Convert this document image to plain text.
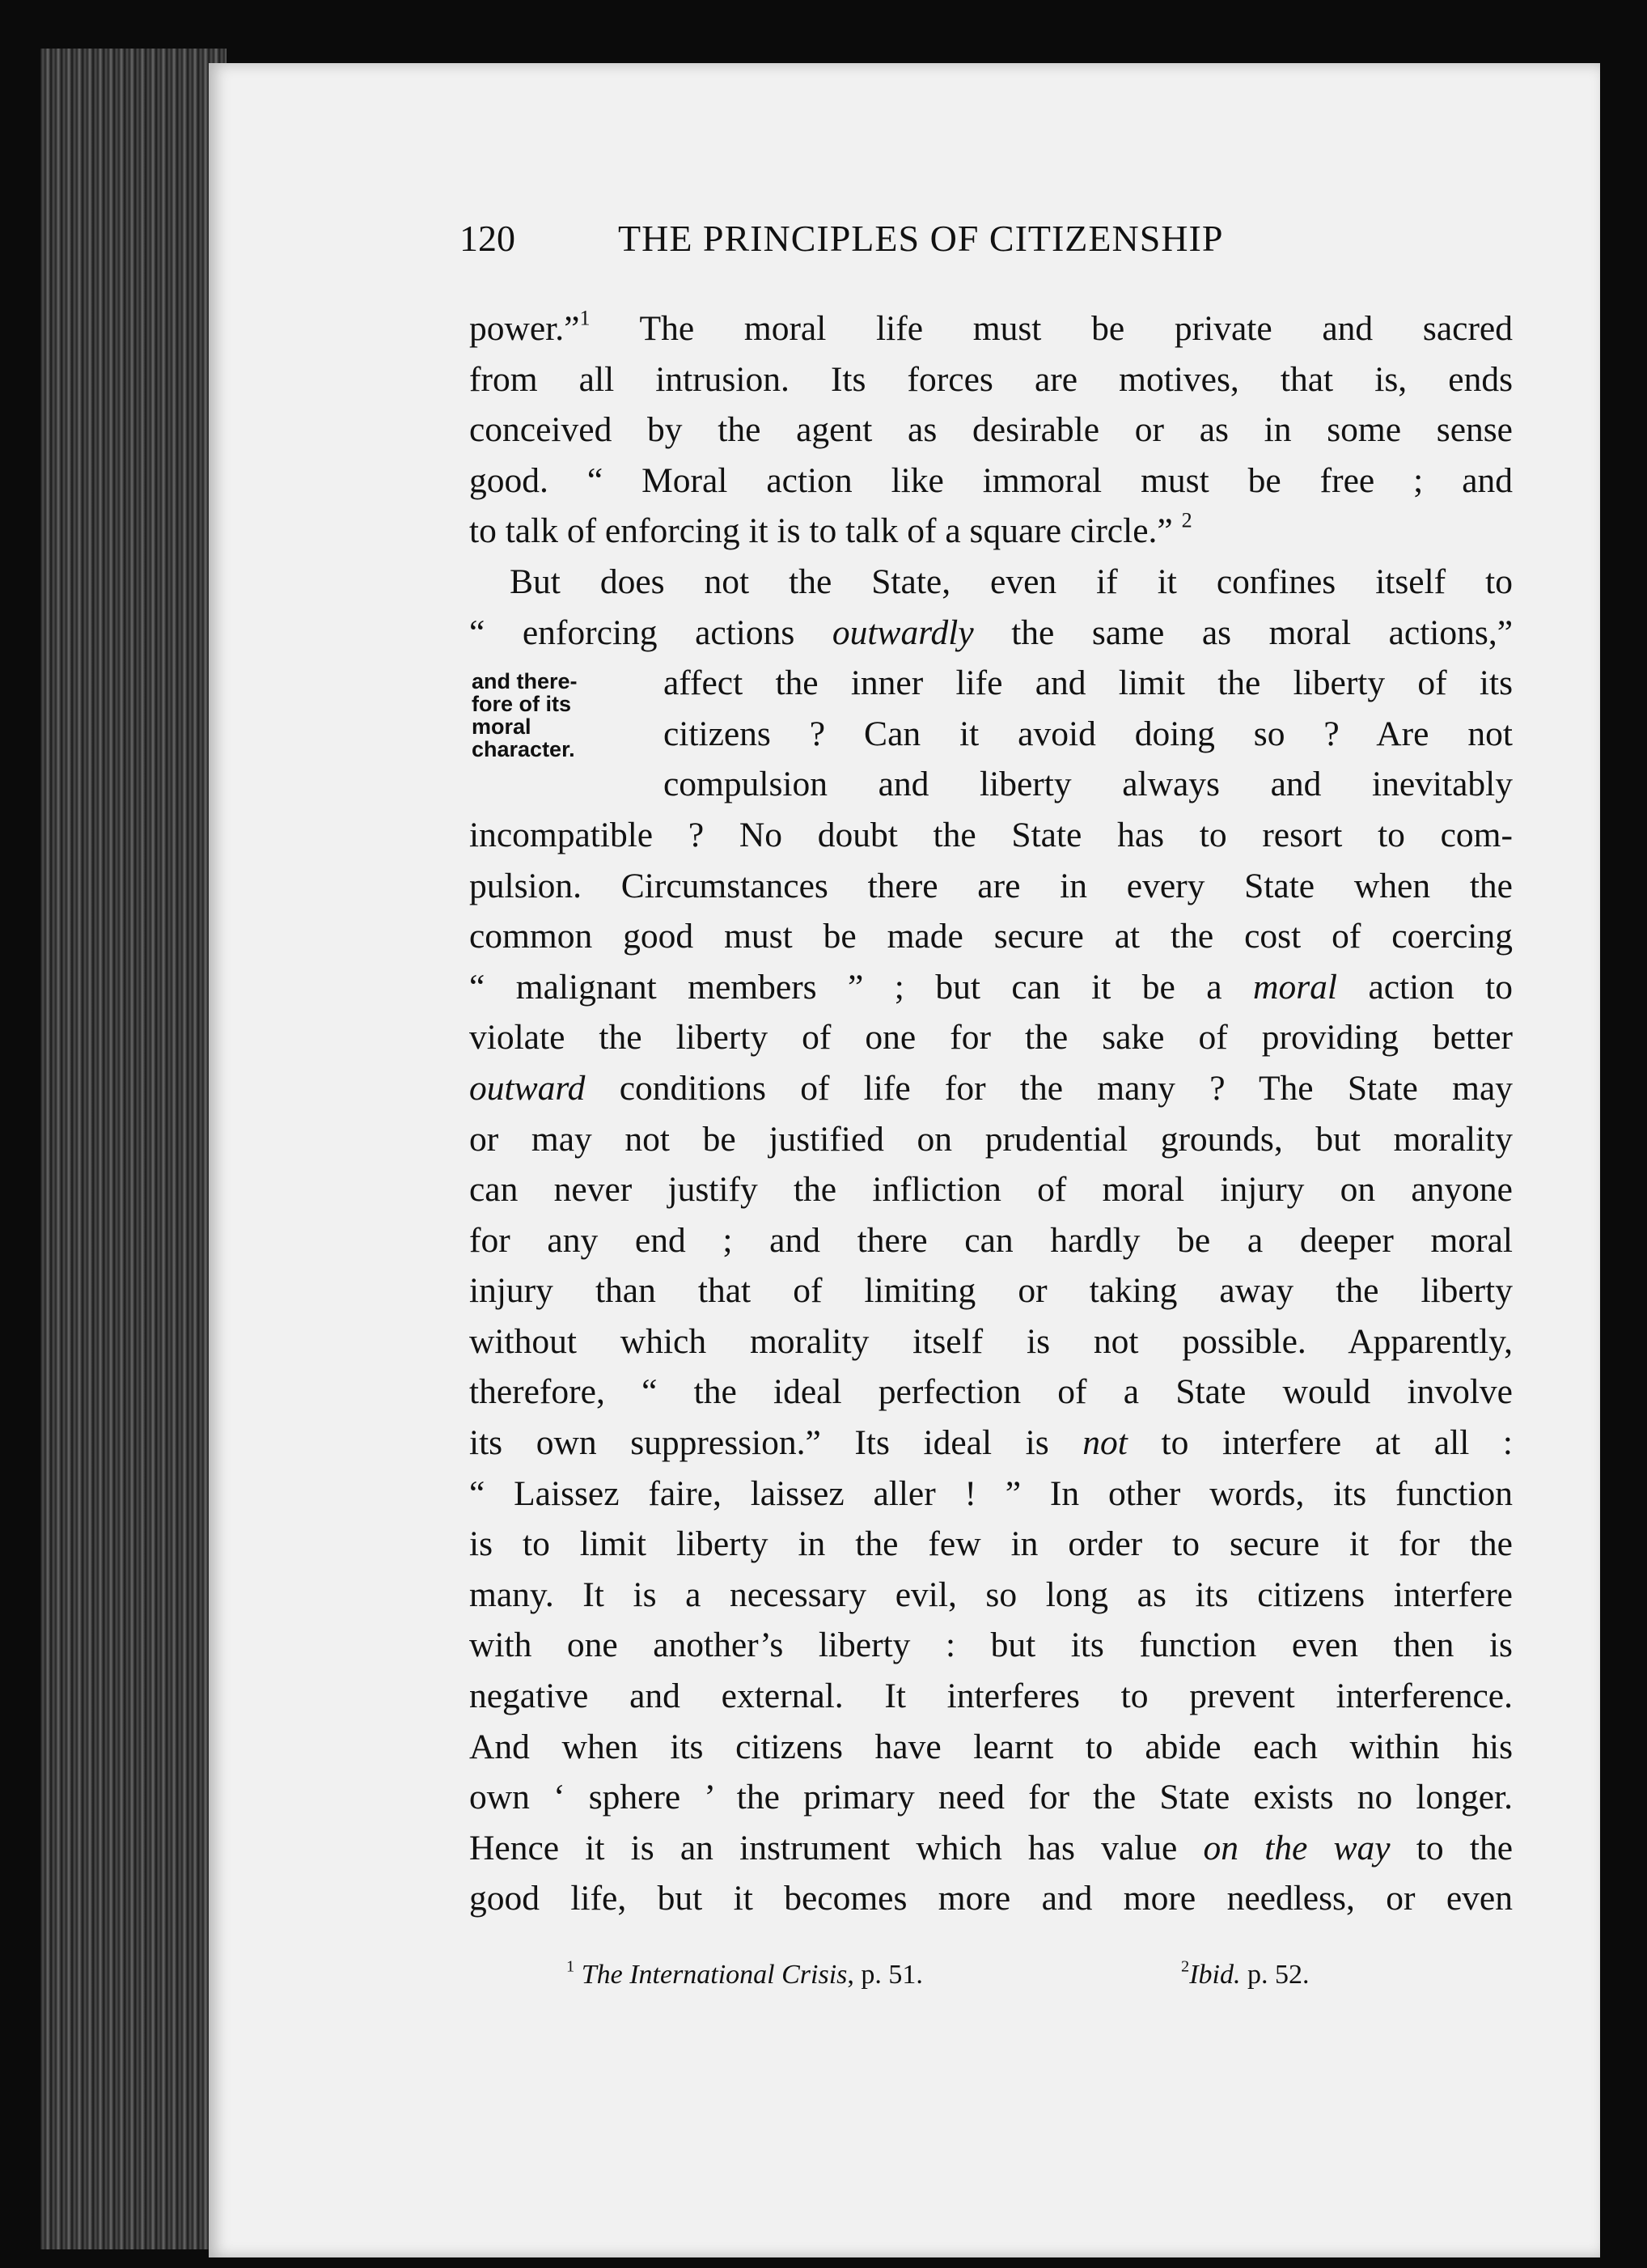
120	THE PRINCIPLES OF CITIZENSHIP
and there-
fore of its
moral
character.
power.”$^1$ The moral life must be private and sacred
from all intrusion. Its forces are motives, that is, ends
conceived by the agent as desirable or as in some sense
good. “ Moral action like immoral must be free ; and
to talk of enforcing it is to talk of a square circle.” $^2$
But does not the State, even if it confines itself to
“ enforcing actions outwardly the same as moral actions,”
affect the inner life and limit the liberty of its
citizens ? Can it avoid doing so ? Are not
compulsion and liberty always and inevitably
incompatible ? No doubt the State has to resort to com-
pulsion. Circumstances there are in every State when the
common good must be made secure at the cost of coercing
“ malignant members ” ; but can it be a moral action to
violate the liberty of one for the sake of providing better
outward conditions of life for the many ? The State may
or may not be justified on prudential grounds, but morality
can never justify the infliction of moral injury on anyone
for any end ; and there can hardly be a deeper moral
injury than that of limiting or taking away the liberty
without which morality itself is not possible. Apparently,
therefore, “ the ideal perfection of a State would involve
its own suppression.” Its ideal is not to interfere at all :
“ Laissez faire, laissez aller ! ” In other words, its function
is to limit liberty in the few in order to secure it for the
many. It is a necessary evil, so long as its citizens interfere
with one another’s liberty : but its function even then is
negative and external. It interferes to prevent interference.
And when its citizens have learnt to abide each within his
own ‘ sphere ’ the primary need for the State exists no longer.
Hence it is an instrument which has value on the way to the
good life, but it becomes more and more needless, or even
$^1$ The International Crisis, p. 51.	$^2$Ibid. p. 52.
